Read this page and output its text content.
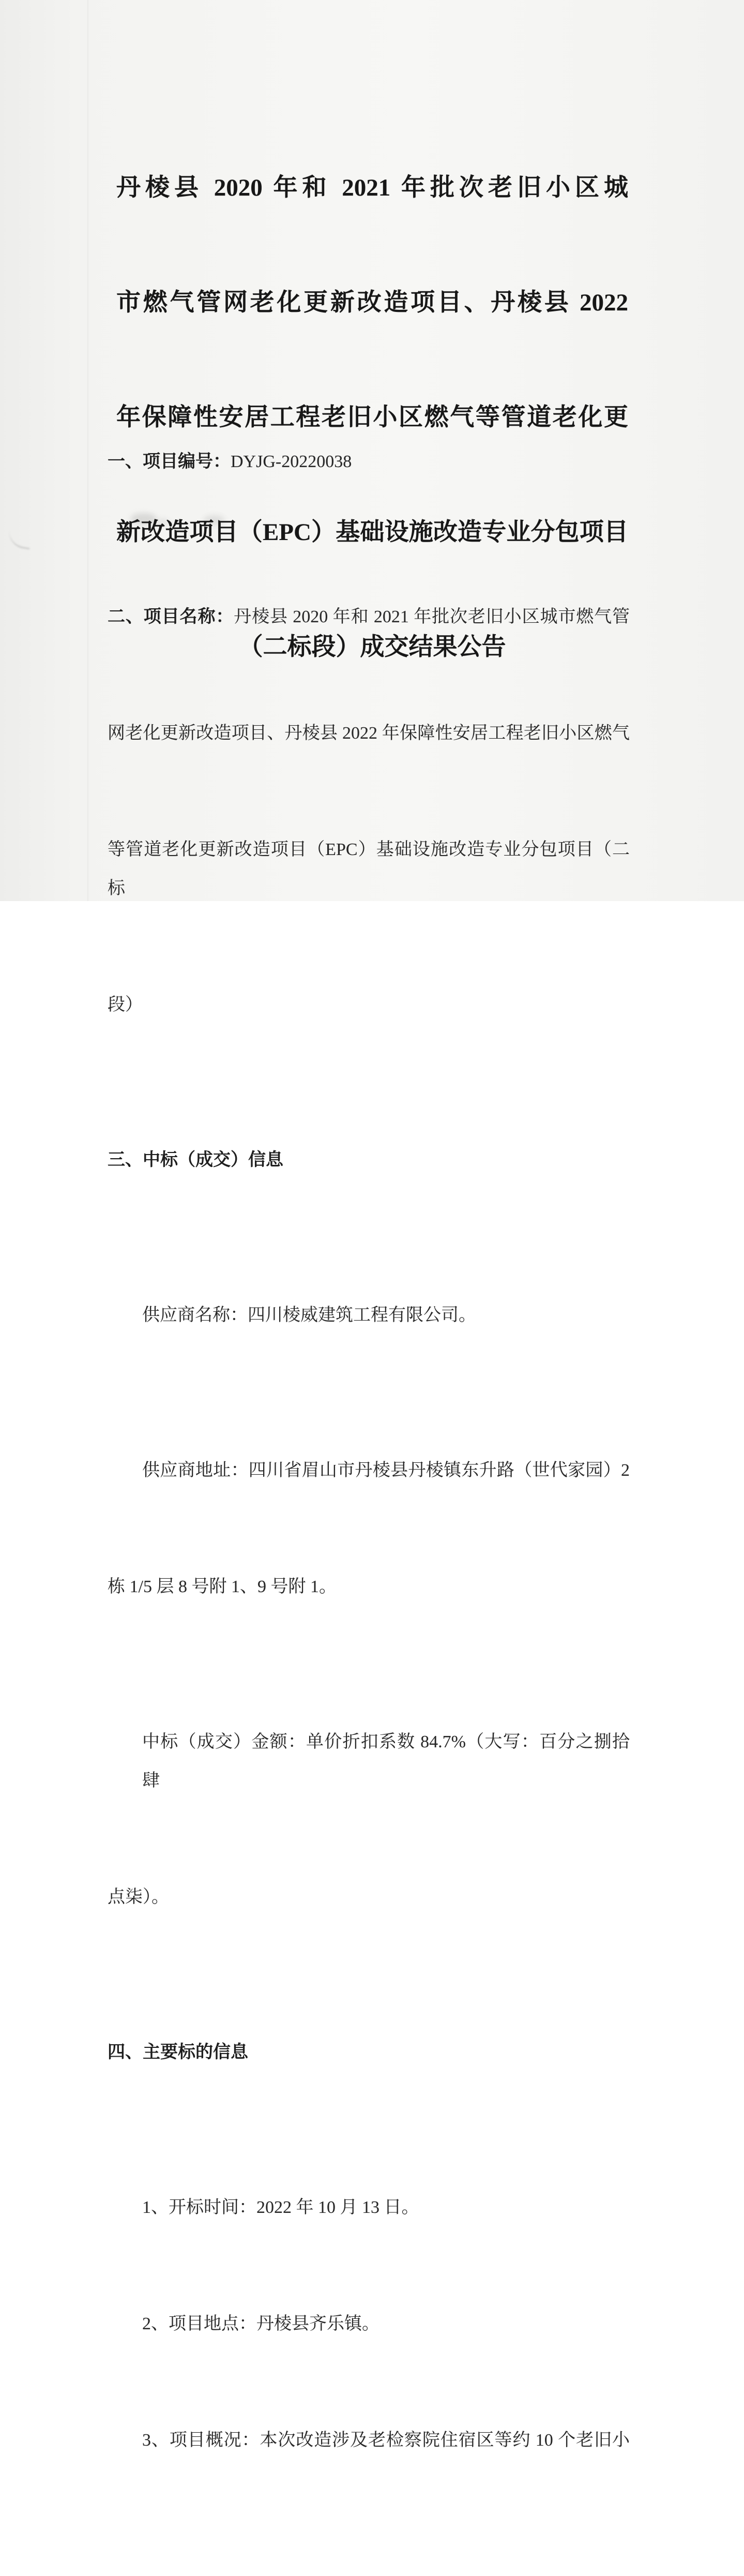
丹棱县 2020 年和 2021 年批次老旧小区城

市燃气管网老化更新改造项目、丹棱县 2022

年保障性安居工程老旧小区燃气等管道老化更

新改造项目（EPC）基础设施改造专业分包项目

（二标段）成交结果公告

一、项目编号：DYJG-20220038

二、项目名称：丹棱县 2020 年和 2021 年批次老旧小区城市燃气管

网老化更新改造项目、丹棱县 2022 年保障性安居工程老旧小区燃气

等管道老化更新改造项目（EPC）基础设施改造专业分包项目（二标

段）

三、中标（成交）信息

供应商名称：四川棱威建筑工程有限公司。

供应商地址：四川省眉山市丹棱县丹棱镇东升路（世代家园）2

栋 1/5 层 8 号附 1、9 号附 1。

中标（成交）金额：单价折扣系数 84.7%（大写：百分之捌拾肆

点柒）。

四、主要标的信息

1、开标时间：2022 年 10 月 13 日。

2、项目地点：丹棱县齐乐镇。

3、项目概况：本次改造涉及老检察院住宿区等约 10 个老旧小
